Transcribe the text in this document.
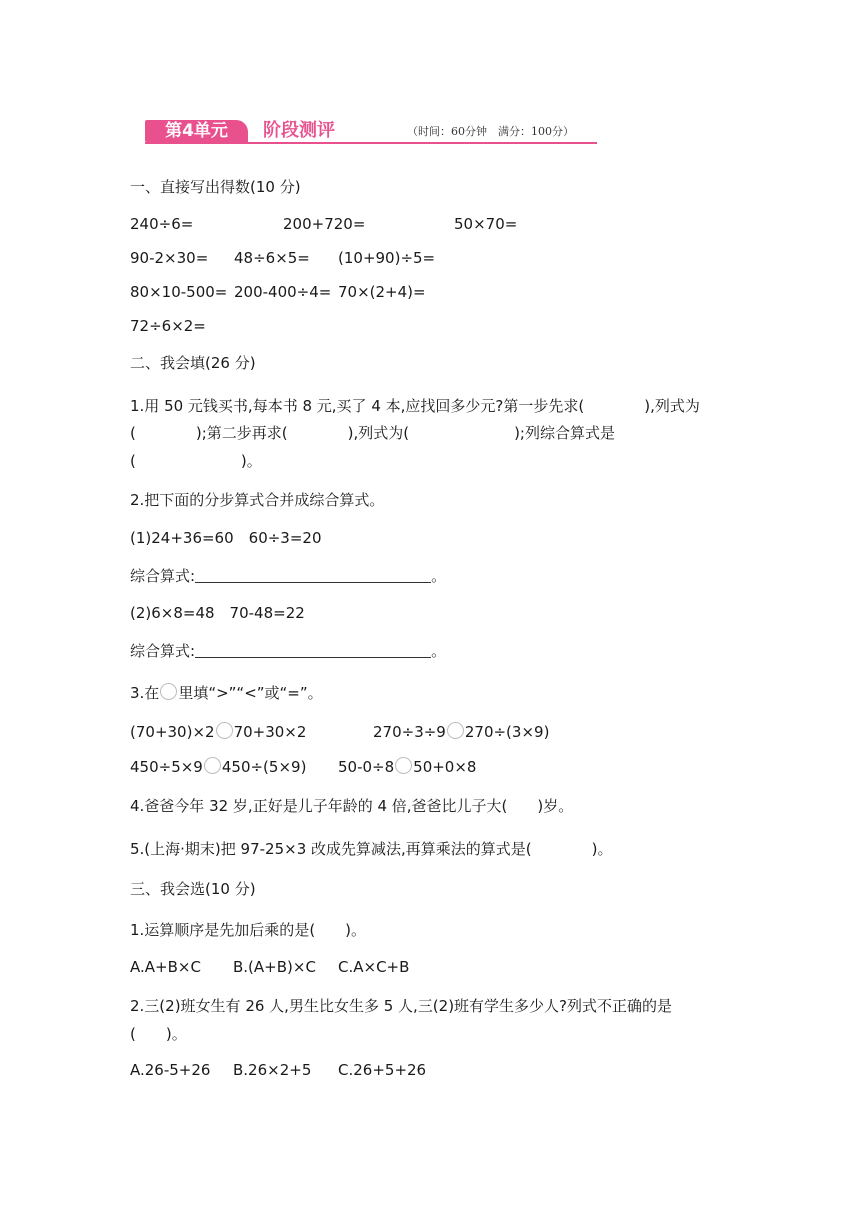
第4单元	阶段测评	（时间：60分钟　满分：100分）
一、直接写出得数(10 分)
240÷6=	200+720=	50×70=
90-2×30= 48÷6×5= (10+90)÷5=
80×10-500= 200-400÷4= 70×(2+4)=
72÷6×2=
二、我会填(26 分)
1.用 50 元钱买书,每本书 8 元,买了 4 本,应找回多少元?第一步先求(　　　　),列式为
(　　　　);第二步再求(　　　　),列式为(　　　　　　　);列综合算式是
(　　　　　　　)。
2.把下面的分步算式合并成综合算式。
(1)24+36=60　60÷3=20
综合算式:	。
(2)6×8=48　70-48=22
综合算式:	。
3.在 里填“>”“<”或“=”。
(70+30)×2 70+30×2	270÷3÷9 270÷(3×9)
450÷5×9 450÷(5×9) 50-0÷8 50+0×8
4.爸爸今年 32 岁,正好是儿子年龄的 4 倍,爸爸比儿子大(　　)岁。
5.(上海·期末)把 97-25×3 改成先算减法,再算乘法的算式是(　　　　)。
三、我会选(10 分)
1.运算顺序是先加后乘的是(　　)。
A.A+B×C B.(A+B)×C C.A×C+B
2.三(2)班女生有 26 人,男生比女生多 5 人,三(2)班有学生多少人?列式不正确的是
(　　)。
A.26-5+26 B.26×2+5 C.26+5+26
